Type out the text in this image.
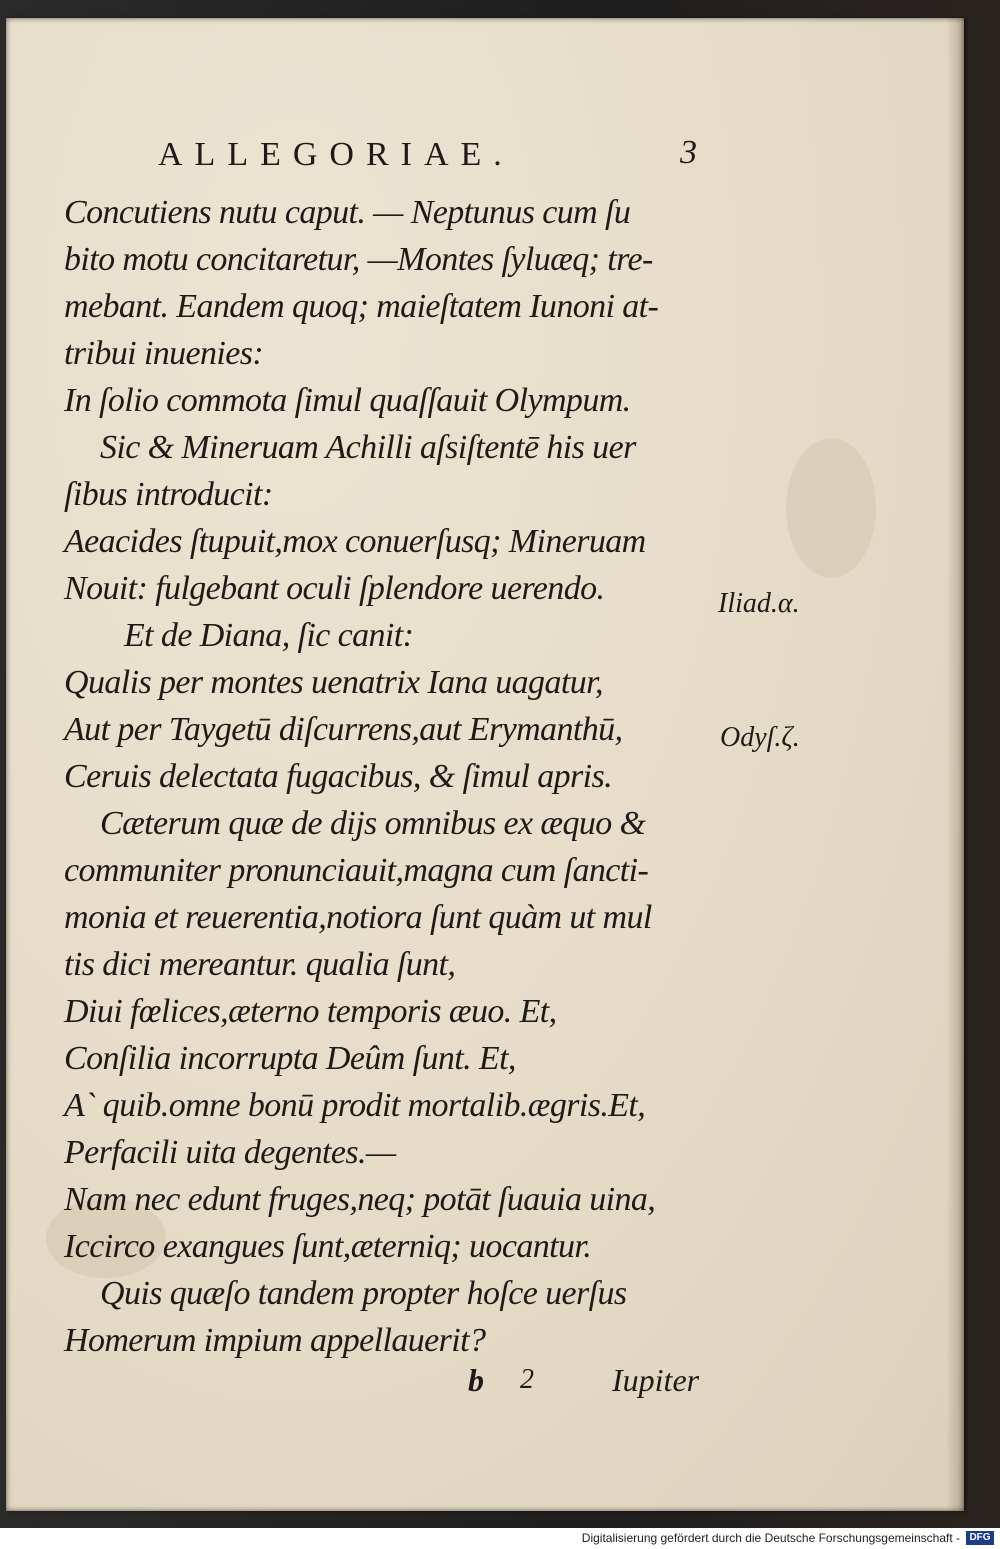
ALLEGORIAE.	3
Concutiens nutu caput. — Neptunus cum ſu
bito motu concitaretur, —Montes ſyluæq; tre-
mebant. Eandem quoq; maieſtatem Iunoni at-
tribui inuenies:
In ſolio commota ſimul quaſſauit Olympum.
Sic & Mineruam Achilli aſsiſtentē his uer
ſibus introducit:
Aeacides ſtupuit,mox conuerſusq; Mineruam
Nouit: fulgebant oculi ſplendore uerendo.
Et de Diana, ſic canit:
Qualis per montes uenatrix Iana uagatur,
Aut per Taygetū diſcurrens,aut Erymanthū,
Ceruis delectata fugacibus, & ſimul apris.
Cæterum quæ de dijs omnibus ex æquo &
communiter pronunciauit,magna cum ſancti-
monia et reuerentia,notiora ſunt quàm ut mul
tis dici mereantur. qualia ſunt,
Diui fœlices,æterno temporis æuo. Et,
Conſilia incorrupta Deûm ſunt. Et,
A` quib.omne bonū prodit mortalib.ægris.Et,
Perfacili uita degentes.—
Nam nec edunt fruges,neq; potāt ſuauia uina,
Iccirco exangues ſunt,æterniq; uocantur.
Quis quæſo tandem propter hoſce uerſus
Homerum impium appellauerit?
Iliad.α.
Odyſ.ζ.
b 2 Iupiter
Digitalisierung gefördert durch die Deutsche Forschungsgemeinschaft - DFG
